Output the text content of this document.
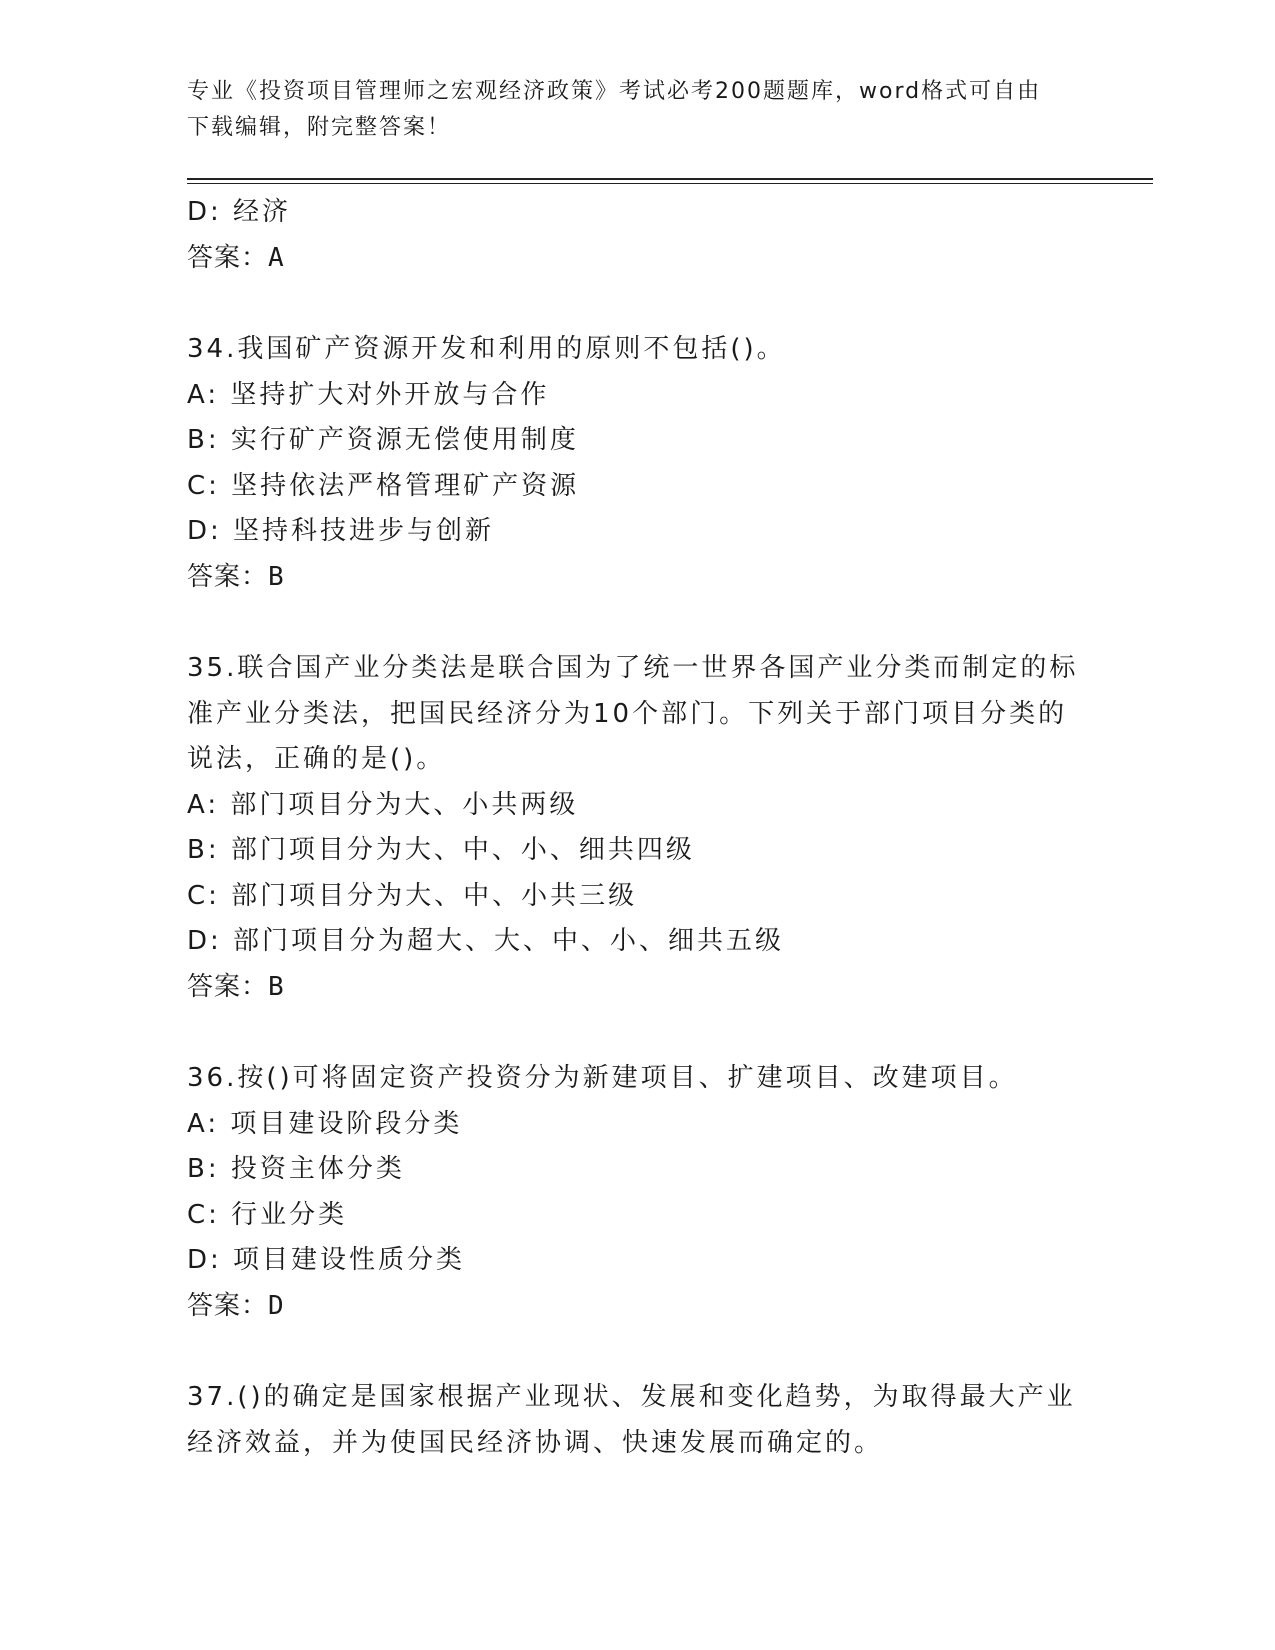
专业《投资项目管理师之宏观经济政策》考试必考200题题库，word格式可自由
下载编辑，附完整答案！
D: 经济
答案：A
34.我国矿产资源开发和利用的原则不包括()。
A: 坚持扩大对外开放与合作
B: 实行矿产资源无偿使用制度
C: 坚持依法严格管理矿产资源
D: 坚持科技进步与创新
答案：B
35.联合国产业分类法是联合国为了统一世界各国产业分类而制定的标
准产业分类法，把国民经济分为10个部门。下列关于部门项目分类的
说法，正确的是()。
A: 部门项目分为大、小共两级
B: 部门项目分为大、中、小、细共四级
C: 部门项目分为大、中、小共三级
D: 部门项目分为超大、大、中、小、细共五级
答案：B
36.按()可将固定资产投资分为新建项目、扩建项目、改建项目。
A: 项目建设阶段分类
B: 投资主体分类
C: 行业分类
D: 项目建设性质分类
答案：D
37.()的确定是国家根据产业现状、发展和变化趋势，为取得最大产业
经济效益，并为使国民经济协调、快速发展而确定的。
